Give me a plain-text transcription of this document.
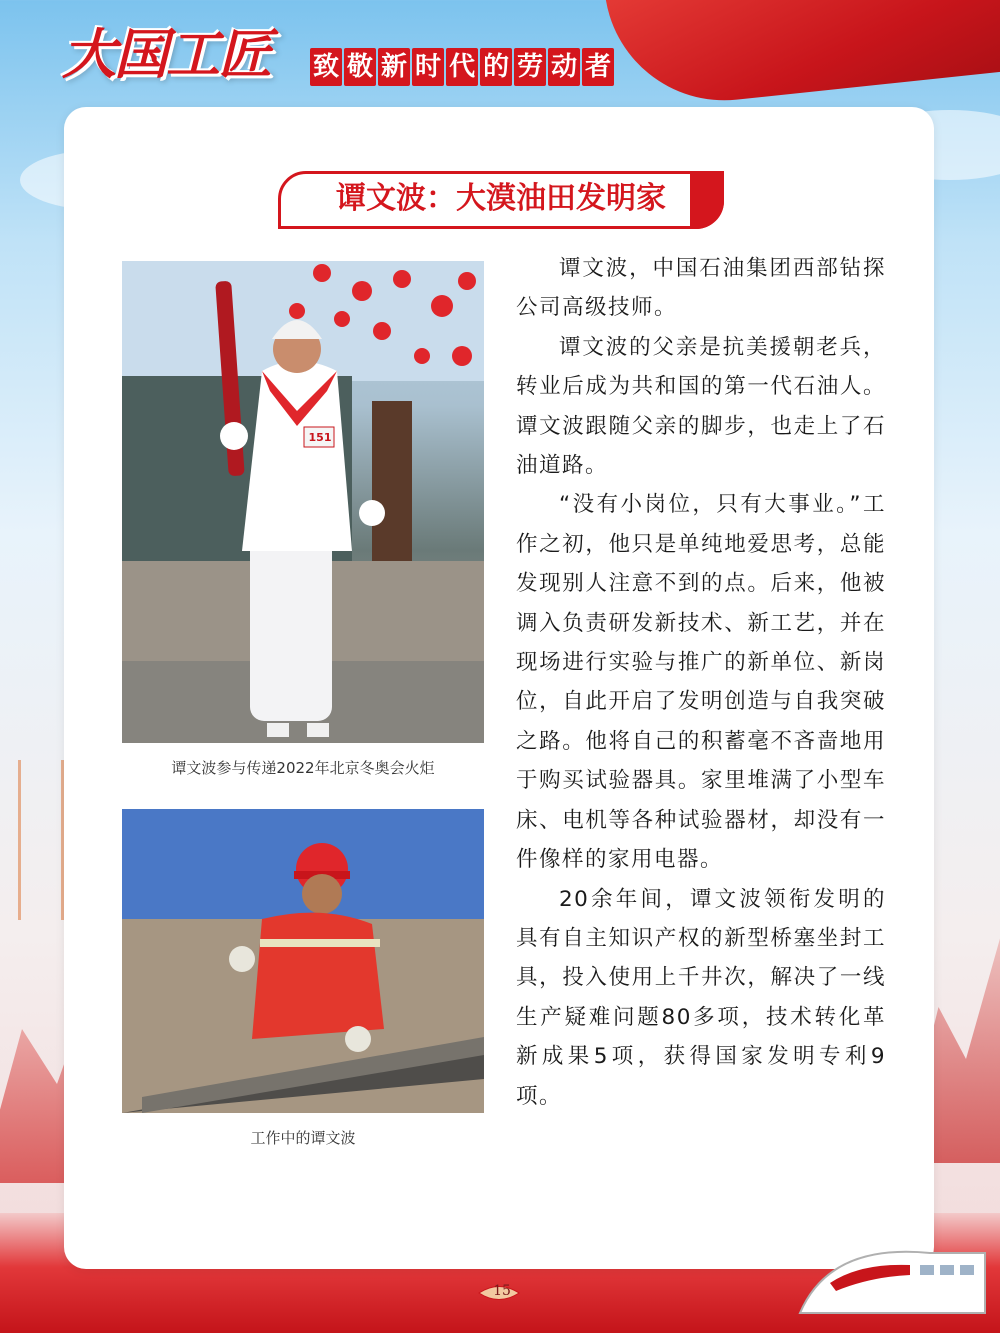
大国工匠 致 敬 新 时 代 的 劳 动 者
谭文波：大漠油田发明家
151
谭文波参与传递2022年北京冬奥会火炬
工作中的谭文波

谭文波，中国石油集团西部钻探公司高级技师。

谭文波的父亲是抗美援朝老兵，转业后成为共和国的第一代石油人。谭文波跟随父亲的脚步，也走上了石油道路。

“没有小岗位，只有大事业。”工作之初，他只是单纯地爱思考，总能发现别人注意不到的点。后来，他被调入负责研发新技术、新工艺，并在现场进行实验与推广的新单位、新岗位，自此开启了发明创造与自我突破之路。他将自己的积蓄毫不吝啬地用于购买试验器具。家里堆满了小型车床、电机等各种试验器材，却没有一件像样的家用电器。

20余年间，谭文波领衔发明的具有自主知识产权的新型桥塞坐封工具，投入使用上千井次，解决了一线生产疑难问题80多项，技术转化革新成果5项，获得国家发明专利9项。

15
